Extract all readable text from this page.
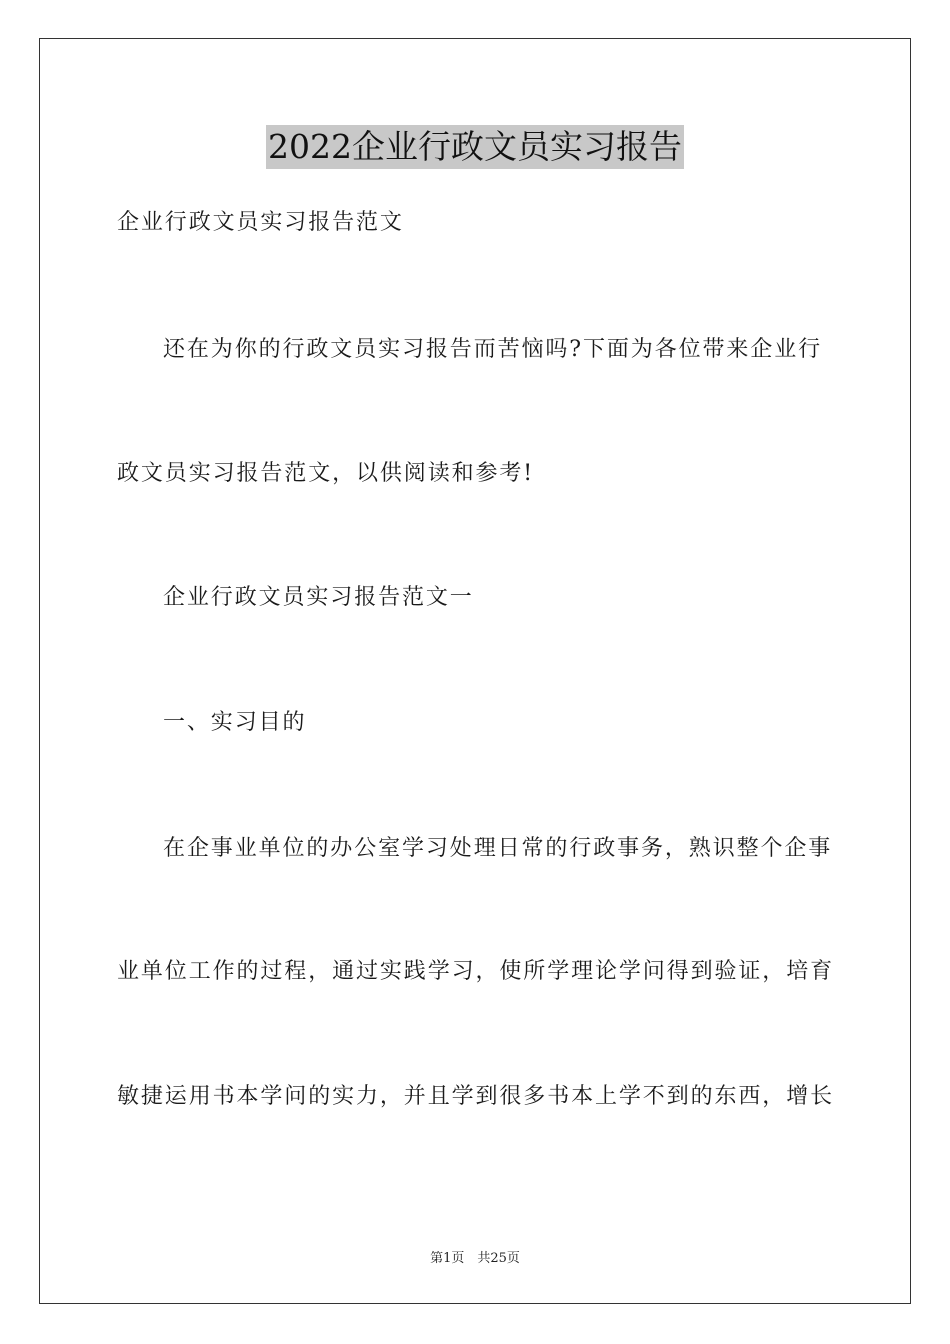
2022企业行政文员实习报告
企业行政文员实习报告范文
还在为你的行政文员实习报告而苦恼吗?下面为各位带来企业行
政文员实习报告范文，以供阅读和参考!
企业行政文员实习报告范文一
一、实习目的
在企事业单位的办公室学习处理日常的行政事务，熟识整个企事
业单位工作的过程，通过实践学习，使所学理论学问得到验证，培育
敏捷运用书本学问的实力，并且学到很多书本上学不到的东西，增长
第1页　共25页
